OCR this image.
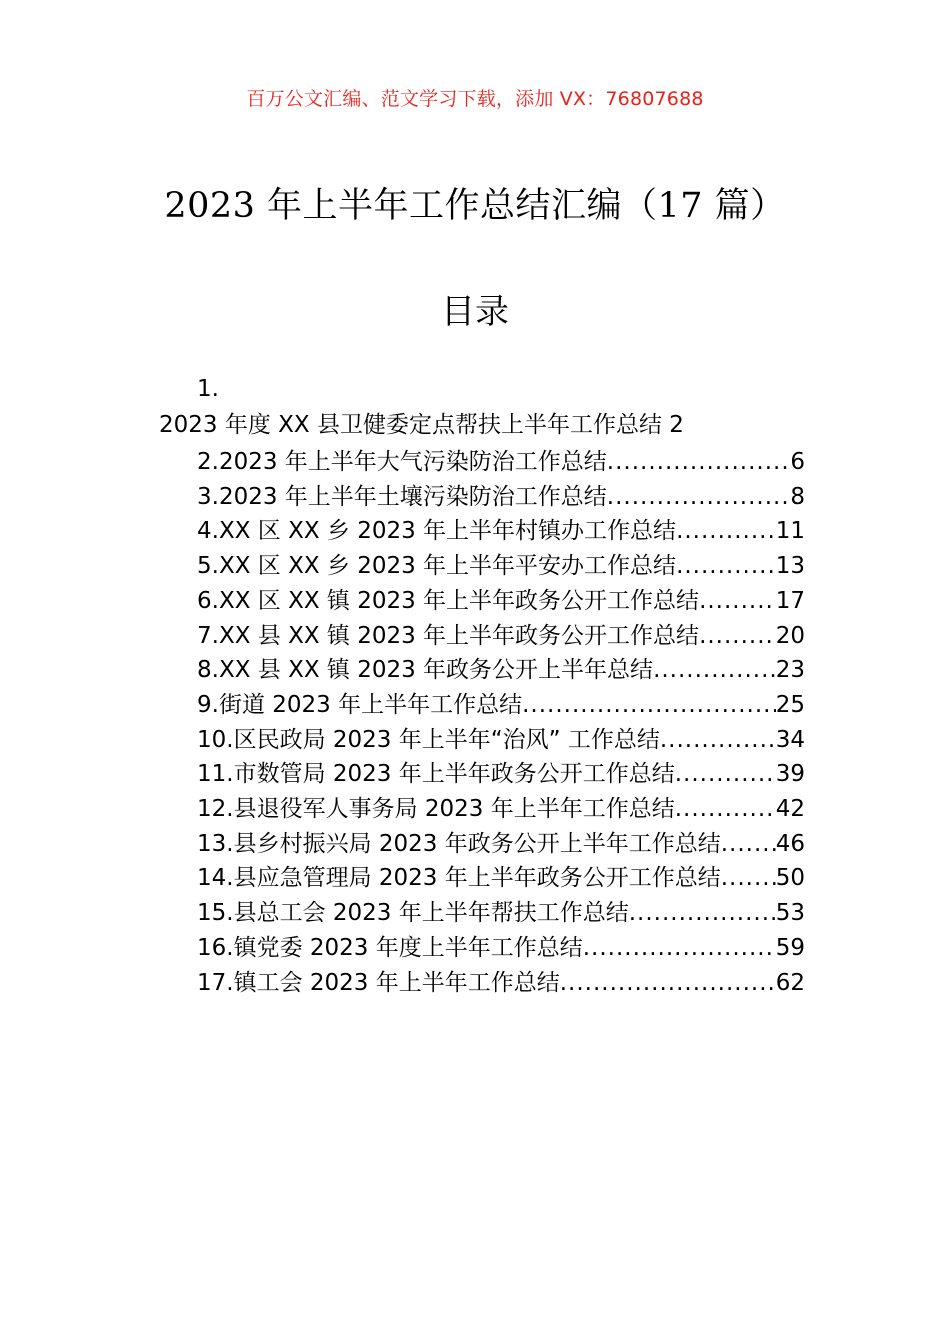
百万公文汇编、范文学习下载，添加 VX：76807688
2023 年上半年工作总结汇编（17 篇）
目录
1.
2023 年度 XX 县卫健委定点帮扶上半年工作总结 2
2.2023 年上半年大气污染防治工作总结 .....	6
3.2023 年上半年土壤污染防治工作总结 .....	8
4.XX 区 XX 乡 2023 年上半年村镇办工作总结 .....	11
5.XX 区 XX 乡 2023 年上半年平安办工作总结 .....	13
6.XX 区 XX 镇 2023 年上半年政务公开工作总结 .....	17
7.XX 县 XX 镇 2023 年上半年政务公开工作总结 .....	20
8.XX 县 XX 镇 2023 年政务公开上半年总结 .....	23
9.街道 2023 年上半年工作总结 .....	25
10.区民政局 2023 年上半年“治风” 工作总结 .....	34
11.市数管局 2023 年上半年政务公开工作总结 .....	39
12.县退役军人事务局 2023 年上半年工作总结 .....	42
13.县乡村振兴局 2023 年政务公开上半年工作总结 ..... 46
14.县应急管理局 2023 年上半年政务公开工作总结 ..... 50
15.县总工会 2023 年上半年帮扶工作总结 .....	53
16.镇党委 2023 年度上半年工作总结 .....	59
17.镇工会 2023 年上半年工作总结 .....	62
